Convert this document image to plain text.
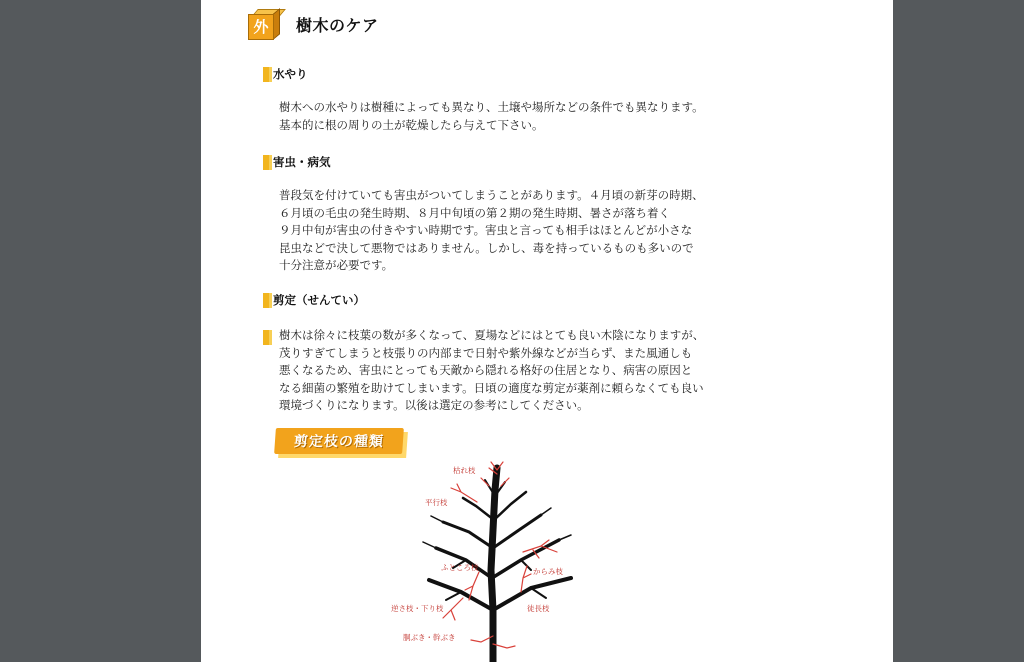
外	樹木のケア
水やり

樹木への水やりは樹種によっても異なり、土壌や場所などの条件でも異なります。

基本的に根の周りの土が乾燥したら与えて下さい。

害虫・病気

普段気を付けていても害虫がついてしまうことがあります。４月頃の新芽の時期、

６月頃の毛虫の発生時期、８月中旬頃の第２期の発生時期、暑さが落ち着く

９月中旬が害虫の付きやすい時期です。害虫と言っても相手はほとんどが小さな

昆虫などで決して悪物ではありません。しかし、毒を持っているものも多いので

十分注意が必要です。

剪定（せんてい）

樹木は徐々に枝葉の数が多くなって、夏場などにはとても良い木陰になりますが、

茂りすぎてしまうと枝張りの内部まで日射や紫外線などが当らず、また風通しも

悪くなるため、害虫にとっても天敵から隠れる格好の住居となり、病害の原因と

なる細菌の繁殖を助けてしまいます。日頃の適度な剪定が薬剤に頼らなくても良い

環境づくりになります。以後は選定の参考にしてください。

剪定枝の種類
枯れ枝
平行枝
ふところ枝	からみ枝
逆さ枝・下り枝	徒長枝
胴ぶき・幹ぶき
